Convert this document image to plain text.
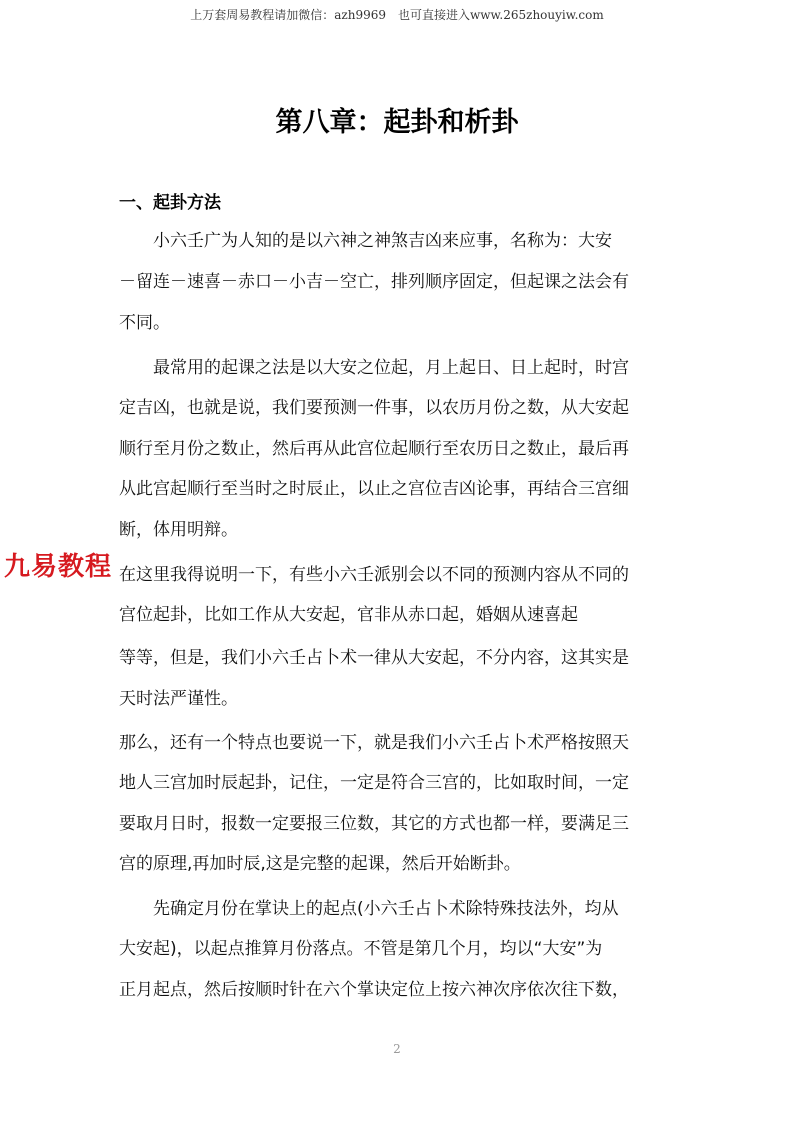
上万套周易教程请加微信：azh9969　也可直接进入www.265zhouyiw.com
第八章：起卦和析卦
一、起卦方法
　　小六壬广为人知的是以六神之神煞吉凶来应事，名称为：大安
－留连－速喜－赤口－小吉－空亡，排列顺序固定，但起课之法会有
不同。
　　最常用的起课之法是以大安之位起，月上起日、日上起时，时宫
定吉凶，也就是说，我们要预测一件事，以农历月份之数，从大安起
顺行至月份之数止，然后再从此宫位起顺行至农历日之数止，最后再
从此宫起顺行至当时之时辰止，以止之宫位吉凶论事，再结合三宫细
断，体用明辩。
在这里我得说明一下，有些小六壬派别会以不同的预测内容从不同的
宫位起卦，比如工作从大安起，官非从赤口起，婚姻从速喜起
等等，但是，我们小六壬占卜术一律从大安起，不分内容，这其实是
天时法严谨性。
那么，还有一个特点也要说一下，就是我们小六壬占卜术严格按照天
地人三宫加时辰起卦，记住，一定是符合三宫的，比如取时间，一定
要取月日时，报数一定要报三位数，其它的方式也都一样，要满足三
宫的原理,再加时辰,这是完整的起课，然后开始断卦。
　　先确定月份在掌诀上的起点(小六壬占卜术除特殊技法外，均从
大安起)，以起点推算月份落点。不管是第几个月，均以“大安”为
正月起点，然后按顺时针在六个掌诀定位上按六神次序依次往下数，
九易教程
2
